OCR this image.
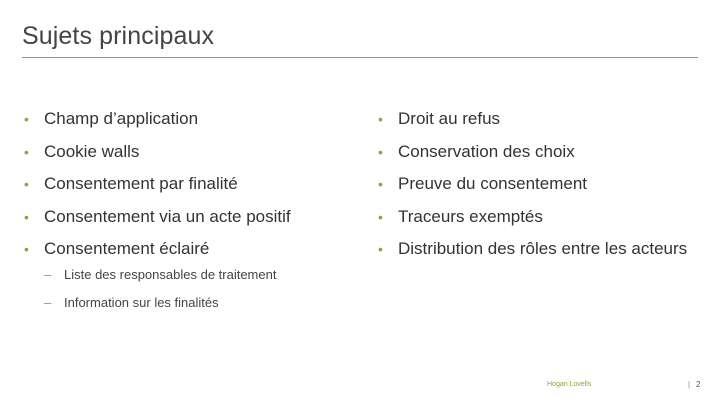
Sujets principaux
• Champ d’application
• Cookie walls
• Consentement par finalité
• Consentement via un acte positif
• Consentement éclairé
– Liste des responsables de traitement
– Information sur les finalités
• Droit au refus
• Conservation des choix
• Preuve du consentement
• Traceurs exemptés
• Distribution des rôles entre les acteurs
Hogan Lovells	| 2
